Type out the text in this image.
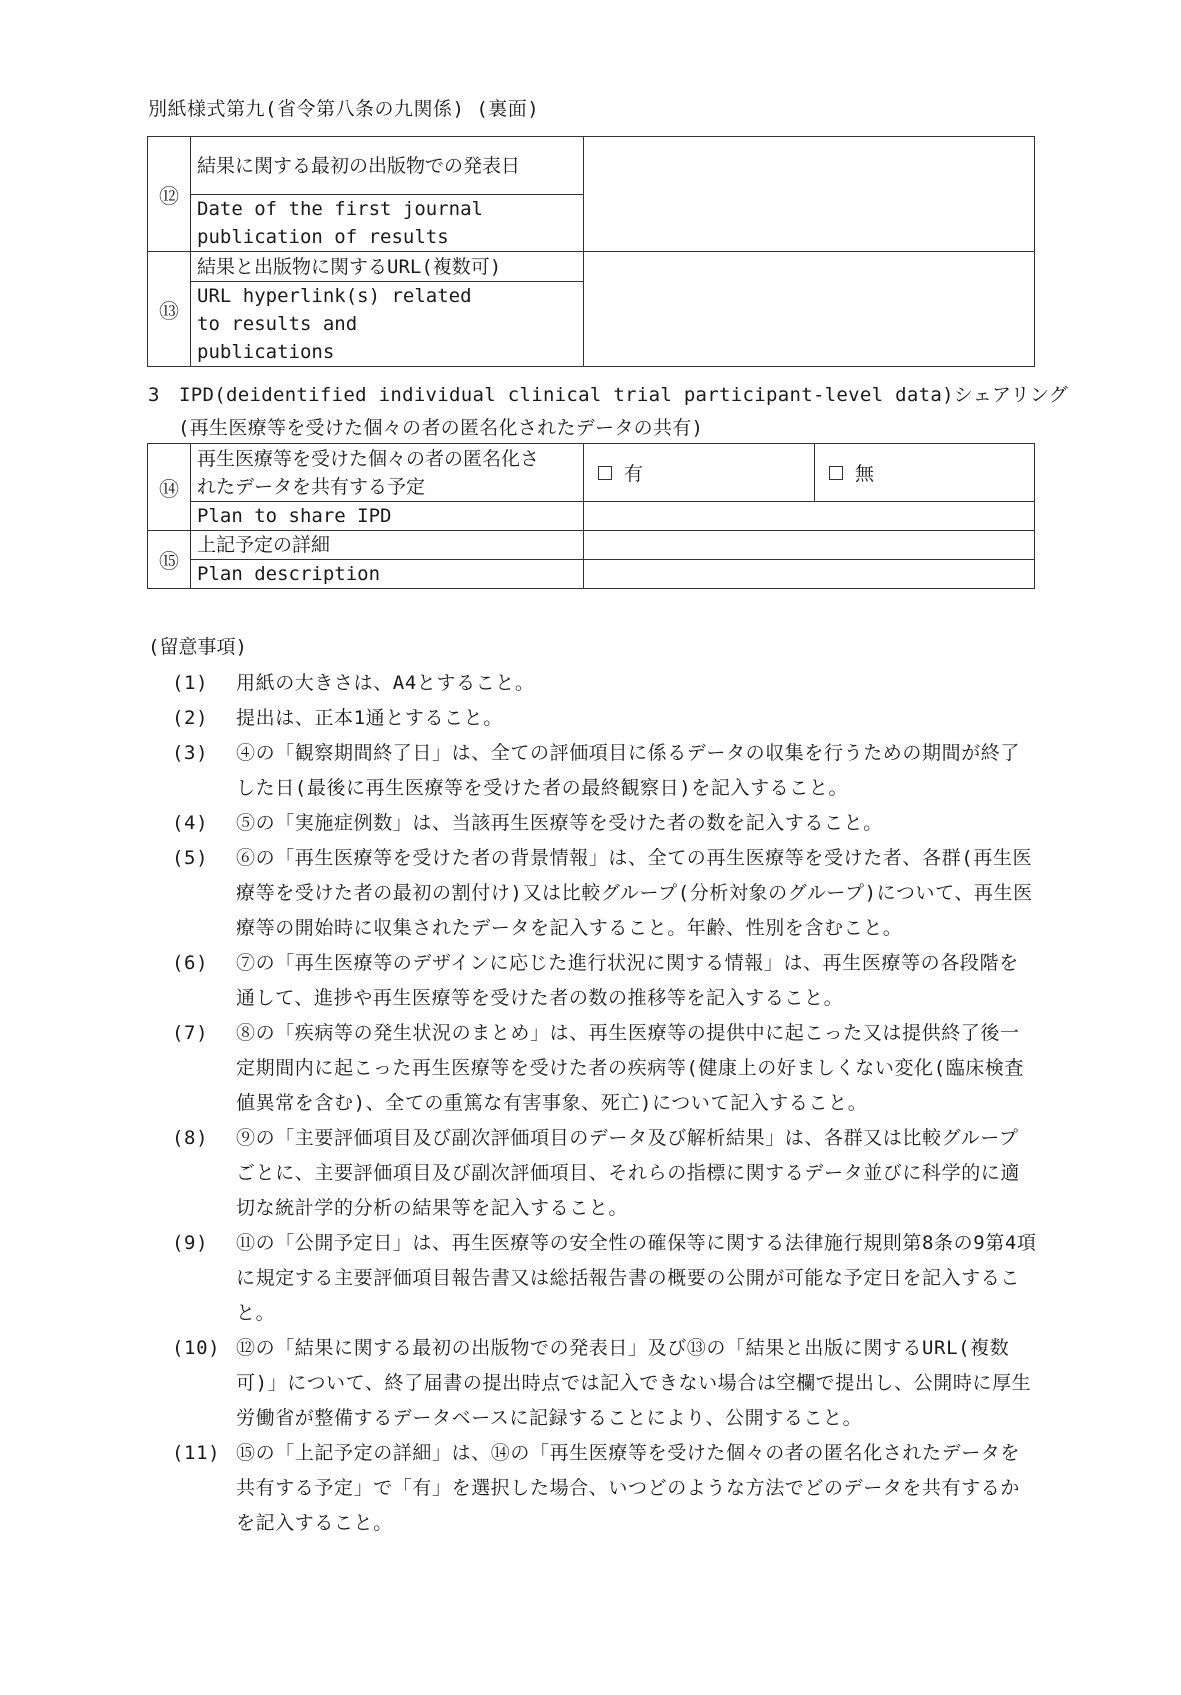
別紙様式第九(省令第八条の九関係) (裏面)
⑫	結果に関する最初の出版物での発表日	

	Date of the first journal publication of results	

⑬	結果と出版物に関するURL(複数可)	

	URL hyperlink(s) related to results and publications	
3　IPD(deidentified individual clinical trial participant-level data)シェアリング
(再生医療等を受けた個々の者の匿名化されたデータの共有)
⑭	再生医療等を受けた個々の者の匿名化されたデータを共有する予定	有	無
	Plan to share IPD		
⑮	上記予定の詳細		
	Plan description		
(留意事項)
(1)	用紙の大きさは、A4とすること。
(2)	提出は、正本1通とすること。
(3)	④の「観察期間終了日」は、全ての評価項目に係るデータの収集を行うための期間が終了した日(最後に再生医療等を受けた者の最終観察日)を記入すること。
(4)	⑤の「実施症例数」は、当該再生医療等を受けた者の数を記入すること。
(5)	⑥の「再生医療等を受けた者の背景情報」は、全ての再生医療等を受けた者、各群(再生医療等を受けた者の最初の割付け)又は比較グループ(分析対象のグループ)について、再生医療等の開始時に収集されたデータを記入すること。年齢、性別を含むこと。
(6)	⑦の「再生医療等のデザインに応じた進行状況に関する情報」は、再生医療等の各段階を通して、進捗や再生医療等を受けた者の数の推移等を記入すること。
(7)	⑧の「疾病等の発生状況のまとめ」は、再生医療等の提供中に起こった又は提供終了後一定期間内に起こった再生医療等を受けた者の疾病等(健康上の好ましくない変化(臨床検査値異常を含む)、全ての重篤な有害事象、死亡)について記入すること。
(8)	⑨の「主要評価項目及び副次評価項目のデータ及び解析結果」は、各群又は比較グループごとに、主要評価項目及び副次評価項目、それらの指標に関するデータ並びに科学的に適切な統計学的分析の結果等を記入すること。
(9)	⑪の「公開予定日」は、再生医療等の安全性の確保等に関する法律施行規則第8条の9第4項に規定する主要評価項目報告書又は総括報告書の概要の公開が可能な予定日を記入すること。
(10) ⑫の「結果に関する最初の出版物での発表日」及び⑬の「結果と出版に関するURL(複数可)」について、終了届書の提出時点では記入できない場合は空欄で提出し、公開時に厚生労働省が整備するデータベースに記録することにより、公開すること。
(11) ⑮の「上記予定の詳細」は、⑭の「再生医療等を受けた個々の者の匿名化されたデータを共有する予定」で「有」を選択した場合、いつどのような方法でどのデータを共有するかを記入すること。
